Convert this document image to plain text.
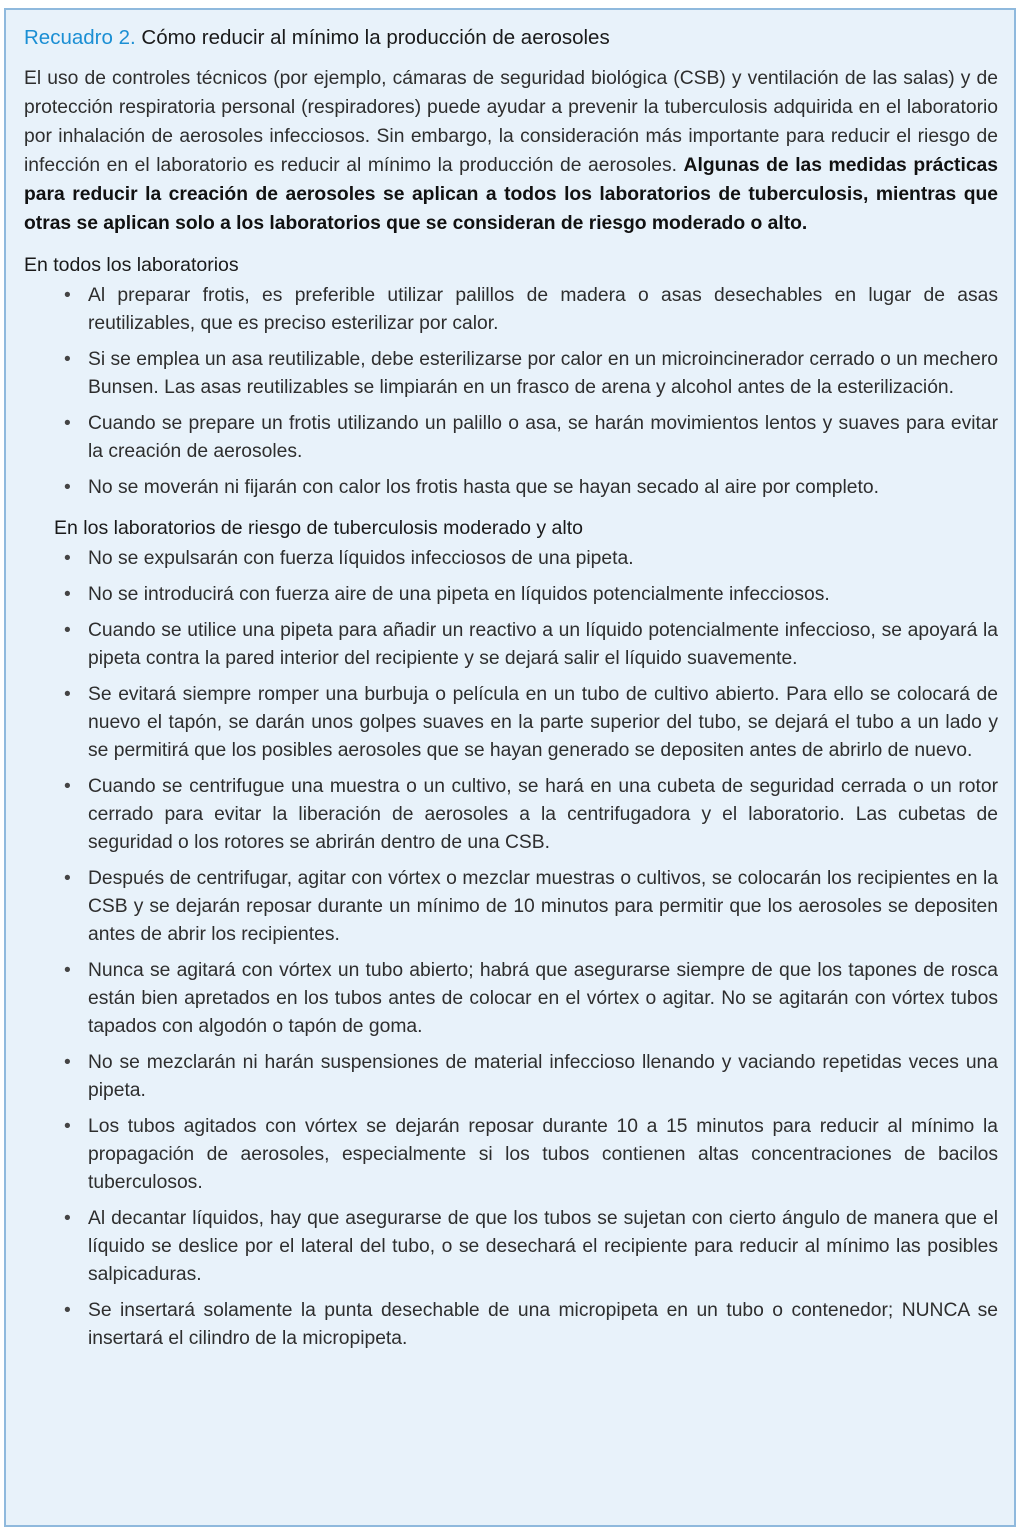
Recuadro 2. Cómo reducir al mínimo la producción de aerosoles

El uso de controles técnicos (por ejemplo, cámaras de seguridad biológica (CSB) y ventilación de las salas) y de protección respiratoria personal (respiradores) puede ayudar a prevenir la tuberculosis adquirida en el laboratorio por inhalación de aerosoles infecciosos. Sin embargo, la consideración más importante para reducir el riesgo de infección en el laboratorio es reducir al mínimo la producción de aerosoles. Algunas de las medidas prácticas para reducir la creación de aerosoles se aplican a todos los laboratorios de tuberculosis, mientras que otras se aplican solo a los laboratorios que se consideran de riesgo moderado o alto.

En todos los laboratorios

• Al preparar frotis, es preferible utilizar palillos de madera o asas desechables en lugar de asas reutilizables, que es preciso esterilizar por calor.
• Si se emplea un asa reutilizable, debe esterilizarse por calor en un microincinerador cerrado o un mechero Bunsen. Las asas reutilizables se limpiarán en un frasco de arena y alcohol antes de la esterilización.
• Cuando se prepare un frotis utilizando un palillo o asa, se harán movimientos lentos y suaves para evitar la creación de aerosoles.
• No se moverán ni fijarán con calor los frotis hasta que se hayan secado al aire por completo.

En los laboratorios de riesgo de tuberculosis moderado y alto

• No se expulsarán con fuerza líquidos infecciosos de una pipeta.
• No se introducirá con fuerza aire de una pipeta en líquidos potencialmente infecciosos.
• Cuando se utilice una pipeta para añadir un reactivo a un líquido potencialmente infeccioso, se apoyará la pipeta contra la pared interior del recipiente y se dejará salir el líquido suavemente.
• Se evitará siempre romper una burbuja o película en un tubo de cultivo abierto. Para ello se colocará de nuevo el tapón, se darán unos golpes suaves en la parte superior del tubo, se dejará el tubo a un lado y se permitirá que los posibles aerosoles que se hayan generado se depositen antes de abrirlo de nuevo.
• Cuando se centrifugue una muestra o un cultivo, se hará en una cubeta de seguridad cerrada o un rotor cerrado para evitar la liberación de aerosoles a la centrifugadora y el laboratorio. Las cubetas de seguridad o los rotores se abrirán dentro de una CSB.
• Después de centrifugar, agitar con vórtex o mezclar muestras o cultivos, se colocarán los recipientes en la CSB y se dejarán reposar durante un mínimo de 10 minutos para permitir que los aerosoles se depositen antes de abrir los recipientes.
• Nunca se agitará con vórtex un tubo abierto; habrá que asegurarse siempre de que los tapones de rosca están bien apretados en los tubos antes de colocar en el vórtex o agitar. No se agitarán con vórtex tubos tapados con algodón o tapón de goma.
• No se mezclarán ni harán suspensiones de material infeccioso llenando y vaciando repetidas veces una pipeta.
• Los tubos agitados con vórtex se dejarán reposar durante 10 a 15 minutos para reducir al mínimo la propagación de aerosoles, especialmente si los tubos contienen altas concentraciones de bacilos tuberculosos.
• Al decantar líquidos, hay que asegurarse de que los tubos se sujetan con cierto ángulo de manera que el líquido se deslice por el lateral del tubo, o se desechará el recipiente para reducir al mínimo las posibles salpicaduras.
• Se insertará solamente la punta desechable de una micropipeta en un tubo o contenedor; NUNCA se insertará el cilindro de la micropipeta.
